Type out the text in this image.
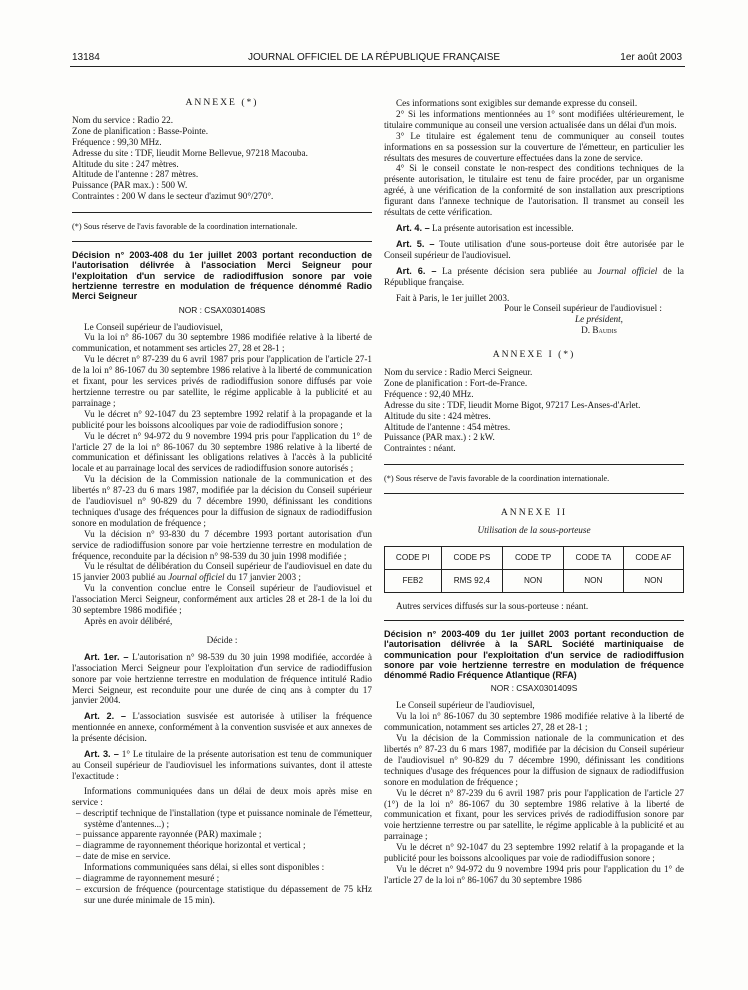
13184	JOURNAL OFFICIEL DE LA RÉPUBLIQUE FRANÇAISE	1er août 2003

ANNEXE (*)

Nom du service : Radio 22.

Zone de planification : Basse-Pointe.

Fréquence : 99,30 MHz.

Adresse du site : TDF, lieudit Morne Bellevue, 97218 Macouba.

Altitude du site : 247 mètres.

Altitude de l'antenne : 287 mètres.

Puissance (PAR max.) : 500 W.

Contraintes : 200 W dans le secteur d'azimut 90°/270°.

(*) Sous réserve de l'avis favorable de la coordination internationale.

Décision n° 2003-408 du 1er juillet 2003 portant reconduction de l'autorisation délivrée à l'association Merci Seigneur pour l'exploitation d'un service de radiodiffusion sonore par voie hertzienne terrestre en modulation de fréquence dénommé Radio Merci Seigneur

NOR : CSAX0301408S

Le Conseil supérieur de l'audiovisuel,

Vu la loi n° 86-1067 du 30 septembre 1986 modifiée relative à la liberté de communication, et notamment ses articles 27, 28 et 28-1 ;

Vu le décret n° 87-239 du 6 avril 1987 pris pour l'application de l'article 27-1 de la loi n° 86-1067 du 30 septembre 1986 relative à la liberté de communication et fixant, pour les services privés de radiodiffusion sonore diffusés par voie hertzienne terrestre ou par satellite, le régime applicable à la publicité et au parrainage ;

Vu le décret n° 92-1047 du 23 septembre 1992 relatif à la propagande et la publicité pour les boissons alcooliques par voie de radiodiffusion sonore ;

Vu le décret n° 94-972 du 9 novembre 1994 pris pour l'application du 1° de l'article 27 de la loi n° 86-1067 du 30 septembre 1986 relative à la liberté de communication et définissant les obligations relatives à l'accès à la publicité locale et au parrainage local des services de radiodiffusion sonore autorisés ;

Vu la décision de la Commission nationale de la communication et des libertés n° 87-23 du 6 mars 1987, modifiée par la décision du Conseil supérieur de l'audiovisuel n° 90-829 du 7 décembre 1990, définissant les conditions techniques d'usage des fréquences pour la diffusion de signaux de radiodiffusion sonore en modulation de fréquence ;

Vu la décision n° 93-830 du 7 décembre 1993 portant autorisation d'un service de radiodiffusion sonore par voie hertzienne terrestre en modulation de fréquence, reconduite par la décision n° 98-539 du 30 juin 1998 modifiée ;

Vu le résultat de délibération du Conseil supérieur de l'audiovisuel en date du 15 janvier 2003 publié au Journal officiel du 17 janvier 2003 ;

Vu la convention conclue entre le Conseil supérieur de l'audiovisuel et l'association Merci Seigneur, conformément aux articles 28 et 28-1 de la loi du 30 septembre 1986 modifiée ;

Après en avoir délibéré,

Décide :

Art. 1er. – L'autorisation n° 98-539 du 30 juin 1998 modifiée, accordée à l'association Merci Seigneur pour l'exploitation d'un service de radiodiffusion sonore par voie hertzienne terrestre en modulation de fréquence intitulé Radio Merci Seigneur, est reconduite pour une durée de cinq ans à compter du 17 janvier 2004.

Art. 2. – L'association susvisée est autorisée à utiliser la fréquence mentionnée en annexe, conformément à la convention susvisée et aux annexes de la présente décision.

Art. 3. – 1° Le titulaire de la présente autorisation est tenu de communiquer au Conseil supérieur de l'audiovisuel les informations suivantes, dont il atteste l'exactitude :

Informations communiquées dans un délai de deux mois après mise en service :

– descriptif technique de l'installation (type et puissance nominale de l'émetteur, système d'antennes...) ;

– puissance apparente rayonnée (PAR) maximale ;

– diagramme de rayonnement théorique horizontal et vertical ;

– date de mise en service.

Informations communiquées sans délai, si elles sont disponibles :

– diagramme de rayonnement mesuré ;

– excursion de fréquence (pourcentage statistique du dépassement de 75 kHz sur une durée minimale de 15 min).

Ces informations sont exigibles sur demande expresse du conseil.

2° Si les informations mentionnées au 1° sont modifiées ultérieurement, le titulaire communique au conseil une version actualisée dans un délai d'un mois.

3° Le titulaire est également tenu de communiquer au conseil toutes informations en sa possession sur la couverture de l'émetteur, en particulier les résultats des mesures de couverture effectuées dans la zone de service.

4° Si le conseil constate le non-respect des conditions techniques de la présente autorisation, le titulaire est tenu de faire procéder, par un organisme agréé, à une vérification de la conformité de son installation aux prescriptions figurant dans l'annexe technique de l'autorisation. Il transmet au conseil les résultats de cette vérification.

Art. 4. – La présente autorisation est incessible.

Art. 5. – Toute utilisation d'une sous-porteuse doit être autorisée par le Conseil supérieur de l'audiovisuel.

Art. 6. – La présente décision sera publiée au Journal officiel de la République française.

Fait à Paris, le 1er juillet 2003.

Pour le Conseil supérieur de l'audiovisuel :

Le président,

D. Baudis

ANNEXE I (*)

Nom du service : Radio Merci Seigneur.

Zone de planification : Fort-de-France.

Fréquence : 92,40 MHz.

Adresse du site : TDF, lieudit Morne Bigot, 97217 Les-Anses-d'Arlet.

Altitude du site : 424 mètres.

Altitude de l'antenne : 454 mètres.

Puissance (PAR max.) : 2 kW.

Contraintes : néant.

(*) Sous réserve de l'avis favorable de la coordination internationale.

ANNEXE II

Utilisation de la sous-porteuse

CODE PI	CODE PS	CODE TP	CODE TA	CODE AF
FEB2	RMS 92,4	NON	NON	NON

Autres services diffusés sur la sous-porteuse : néant.

Décision n° 2003-409 du 1er juillet 2003 portant reconduction de l'autorisation délivrée à la SARL Société martiniquaise de communication pour l'exploitation d'un service de radiodiffusion sonore par voie hertzienne terrestre en modulation de fréquence dénommé Radio Fréquence Atlantique (RFA)

NOR : CSAX0301409S

Le Conseil supérieur de l'audiovisuel,

Vu la loi n° 86-1067 du 30 septembre 1986 modifiée relative à la liberté de communication, notamment ses articles 27, 28 et 28-1 ;

Vu la décision de la Commission nationale de la communication et des libertés n° 87-23 du 6 mars 1987, modifiée par la décision du Conseil supérieur de l'audiovisuel n° 90-829 du 7 décembre 1990, définissant les conditions techniques d'usage des fréquences pour la diffusion de signaux de radiodiffusion sonore en modulation de fréquence ;

Vu le décret n° 87-239 du 6 avril 1987 pris pour l'application de l'article 27 (1°) de la loi n° 86-1067 du 30 septembre 1986 relative à la liberté de communication et fixant, pour les services privés de radiodiffusion sonore par voie hertzienne terrestre ou par satellite, le régime applicable à la publicité et au parrainage ;

Vu le décret n° 92-1047 du 23 septembre 1992 relatif à la propagande et la publicité pour les boissons alcooliques par voie de radiodiffusion sonore ;

Vu le décret n° 94-972 du 9 novembre 1994 pris pour l'application du 1° de l'article 27 de la loi n° 86-1067 du 30 septembre 1986
